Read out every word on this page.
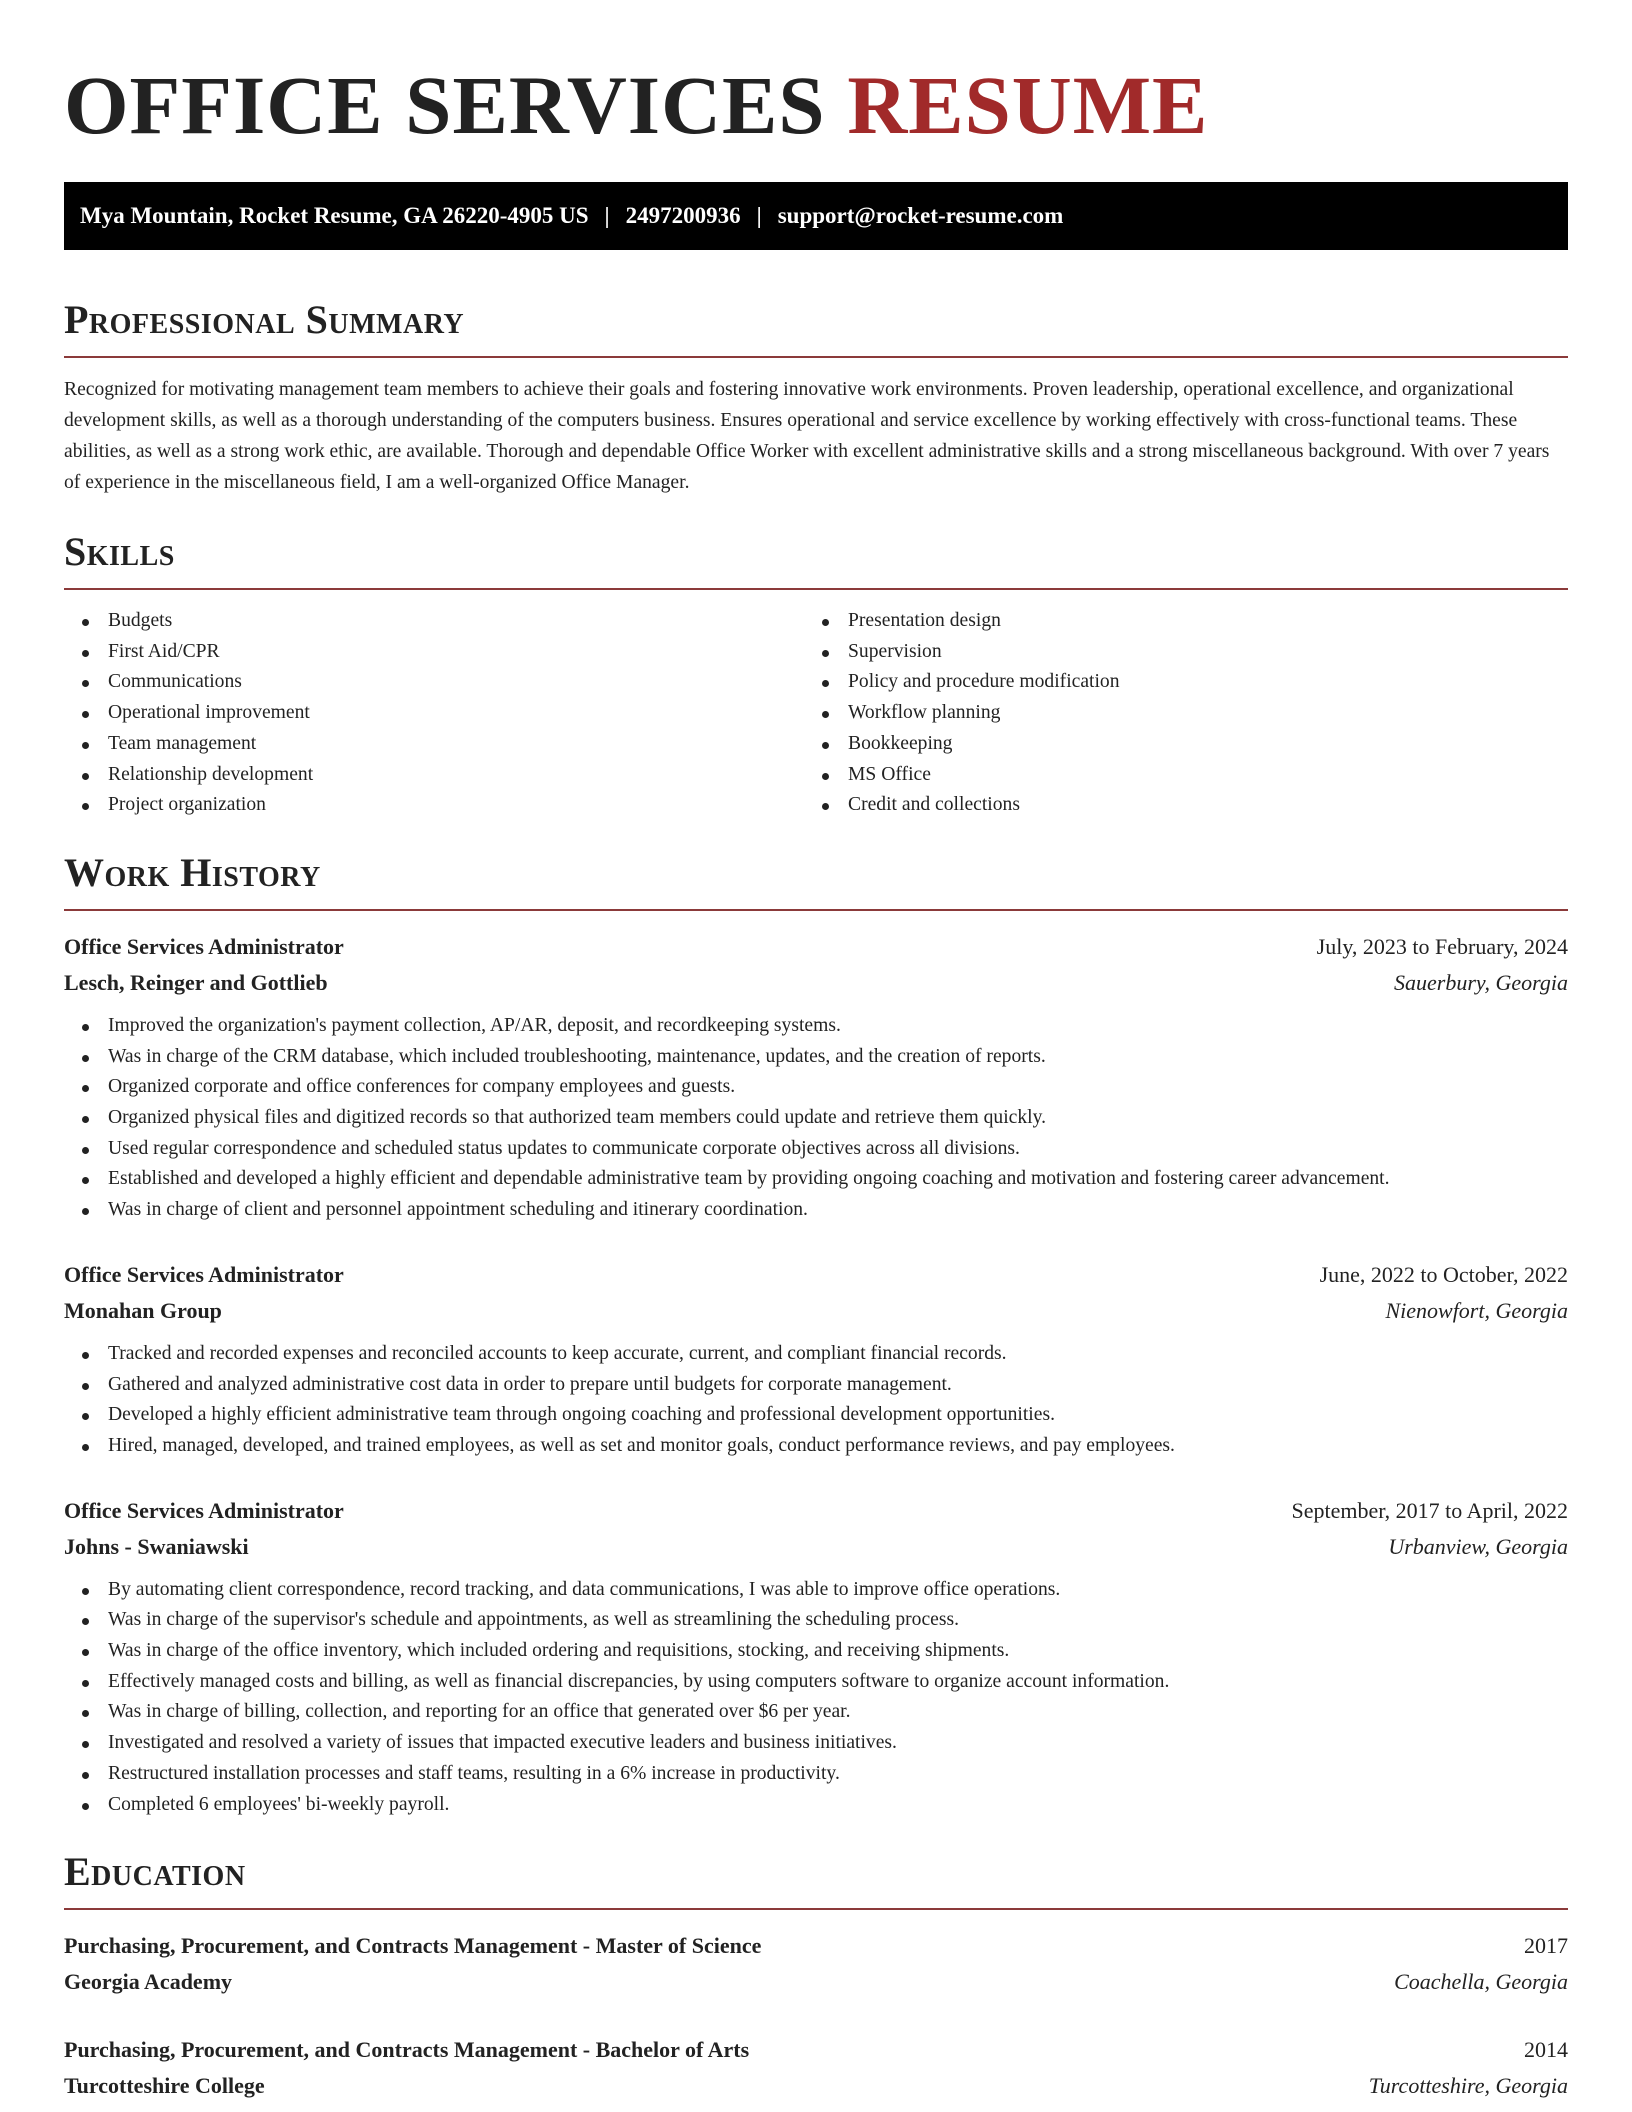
OFFICE SERVICES RESUME
Mya Mountain, Rocket Resume, GA 26220-4905 US | 2497200936 | support@rocket-resume.com
Professional Summary

Recognized for motivating management team members to achieve their goals and fostering innovative work environments. Proven leadership, operational excellence, and organizational development skills, as well as a thorough understanding of the computers business. Ensures operational and service excellence by working effectively with cross-functional teams. These abilities, as well as a strong work ethic, are available. Thorough and dependable Office Worker with excellent administrative skills and a strong miscellaneous background. With over 7 years of experience in the miscellaneous field, I am a well-organized Office Manager.

Skills
Budgets
First Aid/CPR
Communications
Operational improvement
Team management
Relationship development
Project organization
Presentation design
Supervision
Policy and procedure modification
Workflow planning
Bookkeeping
MS Office
Credit and collections
Work History
Office Services Administrator	July, 2023 to February, 2024
Lesch, Reinger and Gottlieb	Sauerbury, Georgia
Improved the organization's payment collection, AP/AR, deposit, and recordkeeping systems.
Was in charge of the CRM database, which included troubleshooting, maintenance, updates, and the creation of reports.
Organized corporate and office conferences for company employees and guests.
Organized physical files and digitized records so that authorized team members could update and retrieve them quickly.
Used regular correspondence and scheduled status updates to communicate corporate objectives across all divisions.
Established and developed a highly efficient and dependable administrative team by providing ongoing coaching and motivation and fostering career advancement.
Was in charge of client and personnel appointment scheduling and itinerary coordination.
Office Services Administrator	June, 2022 to October, 2022
Monahan Group	Nienowfort, Georgia
Tracked and recorded expenses and reconciled accounts to keep accurate, current, and compliant financial records.
Gathered and analyzed administrative cost data in order to prepare until budgets for corporate management.
Developed a highly efficient administrative team through ongoing coaching and professional development opportunities.
Hired, managed, developed, and trained employees, as well as set and monitor goals, conduct performance reviews, and pay employees.
Office Services Administrator	September, 2017 to April, 2022
Johns - Swaniawski	Urbanview, Georgia
By automating client correspondence, record tracking, and data communications, I was able to improve office operations.
Was in charge of the supervisor's schedule and appointments, as well as streamlining the scheduling process.
Was in charge of the office inventory, which included ordering and requisitions, stocking, and receiving shipments.
Effectively managed costs and billing, as well as financial discrepancies, by using computers software to organize account information.
Was in charge of billing, collection, and reporting for an office that generated over $6 per year.
Investigated and resolved a variety of issues that impacted executive leaders and business initiatives.
Restructured installation processes and staff teams, resulting in a 6% increase in productivity.
Completed 6 employees' bi-weekly payroll.
Education
Purchasing, Procurement, and Contracts Management - Master of Science	2017
Georgia Academy	Coachella, Georgia
Purchasing, Procurement, and Contracts Management - Bachelor of Arts	2014
Turcotteshire College	Turcotteshire, Georgia
